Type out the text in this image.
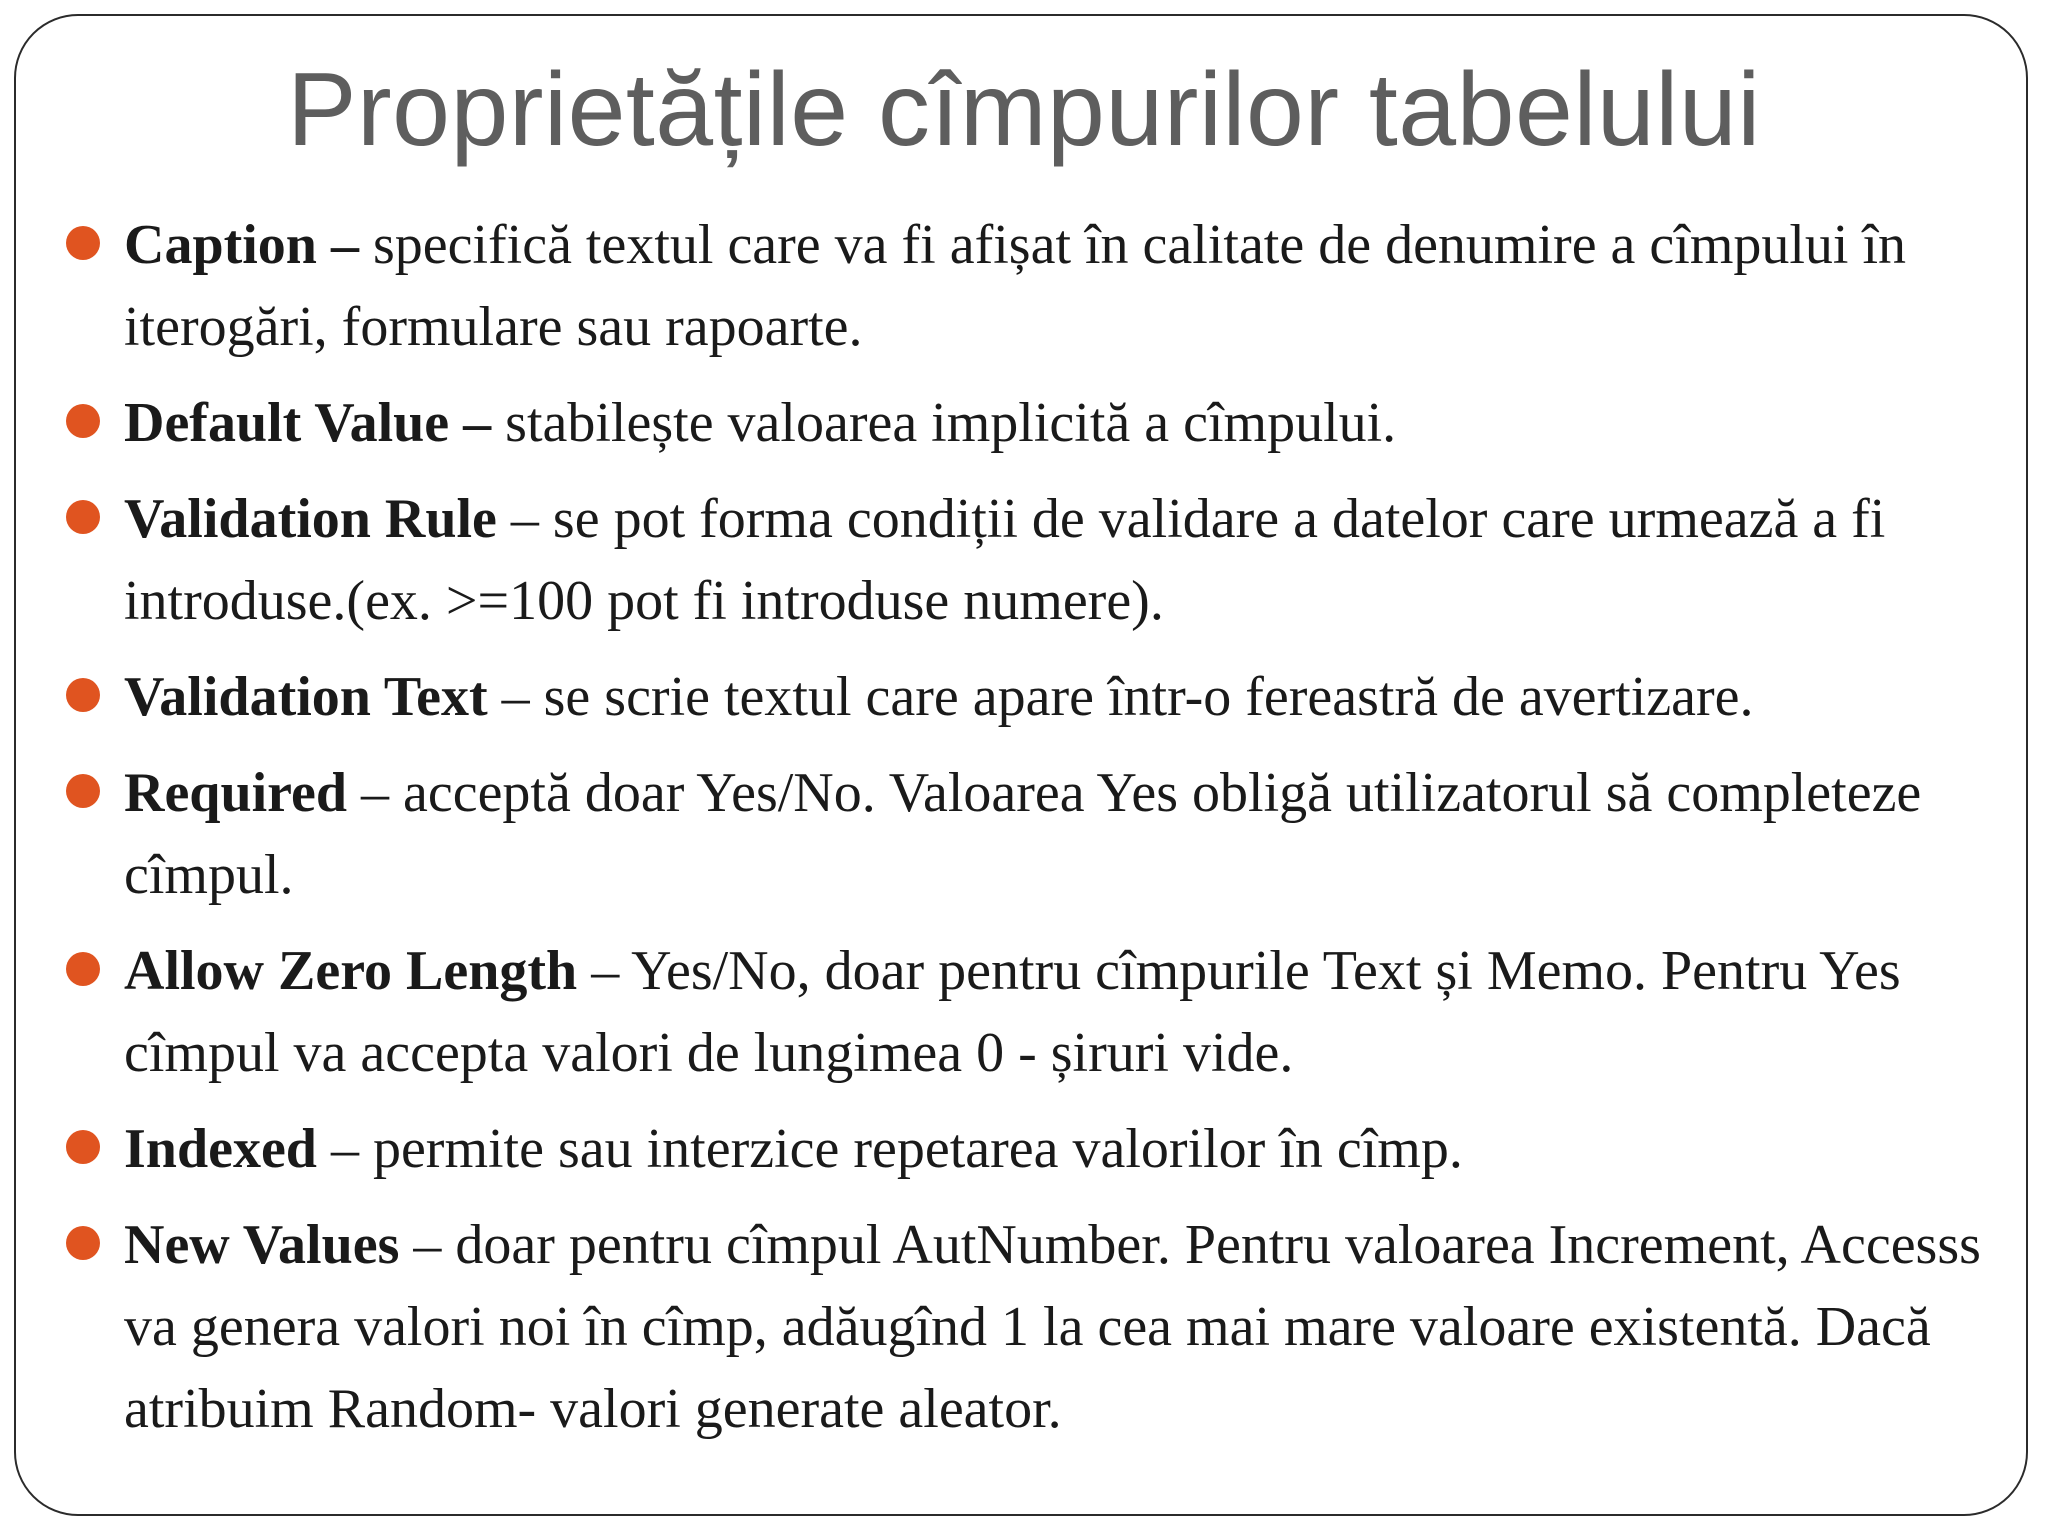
Proprietățile cîmpurilor tabelului
Caption – specifică textul care va fi afișat în calitate de denumire a cîmpului în iterogări, formulare sau rapoarte.
Default Value – stabilește valoarea implicită a cîmpului.
Validation Rule – se pot forma condiții de validare a datelor care urmează a fi introduse.(ex. >=100 pot fi introduse numere).
Validation Text – se scrie textul care apare într-o fereastră de avertizare.
Required – acceptă doar Yes/No. Valoarea Yes obligă utilizatorul să completeze cîmpul.
Allow Zero Length – Yes/No, doar pentru cîmpurile Text și Memo. Pentru Yes cîmpul va accepta valori de lungimea 0 - șiruri vide.
Indexed – permite sau interzice repetarea valorilor în cîmp.
New Values – doar pentru cîmpul AutNumber. Pentru valoarea Increment, Accesss va genera valori noi în cîmp, adăugînd 1 la cea mai mare valoare existentă. Dacă atribuim Random- valori generate aleator.
